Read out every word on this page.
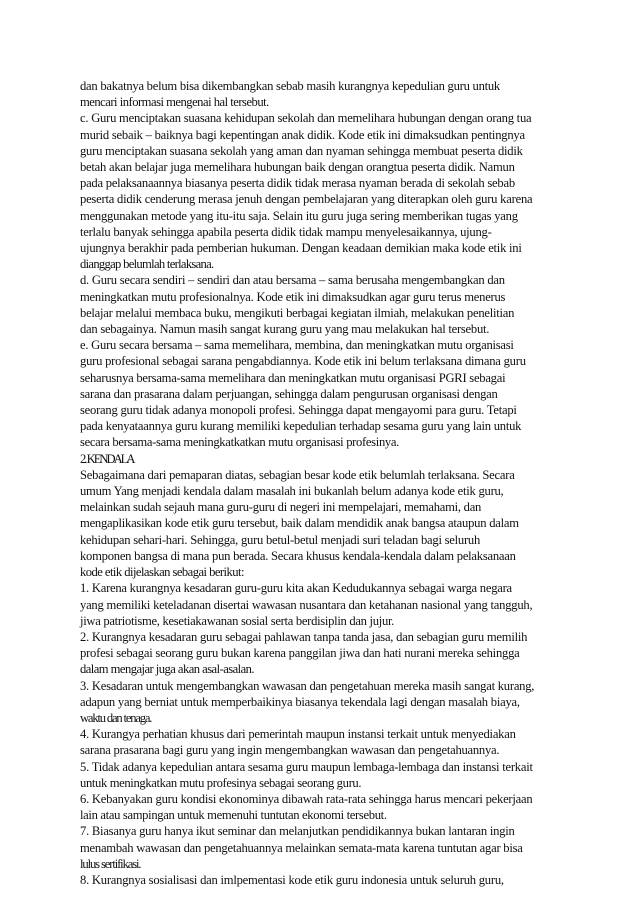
dan bakatnya belum bisa dikembangkan sebab masih kurangnya kepedulian guru untuk
mencari informasi mengenai hal tersebut.
c. Guru menciptakan suasana kehidupan sekolah dan memelihara hubungan dengan orang tua
murid sebaik – baiknya bagi kepentingan anak didik. Kode etik ini dimaksudkan pentingnya
guru menciptakan suasana sekolah yang aman dan nyaman sehingga membuat peserta didik
betah akan belajar juga memelihara hubungan baik dengan orangtua peserta didik. Namun
pada pelaksanaannya biasanya peserta didik tidak merasa nyaman berada di sekolah sebab
peserta didik cenderung merasa jenuh dengan pembelajaran yang diterapkan oleh guru karena
menggunakan metode yang itu-itu saja. Selain itu guru juga sering memberikan tugas yang
terlalu banyak sehingga apabila peserta didik tidak mampu menyelesaikannya, ujung-
ujungnya berakhir pada pemberian hukuman. Dengan keadaan demikian maka kode etik ini
dianggap belumlah terlaksana.
d. Guru secara sendiri – sendiri dan atau bersama – sama berusaha mengembangkan dan
meningkatkan mutu profesionalnya. Kode etik ini dimaksudkan agar guru terus menerus
belajar melalui membaca buku, mengikuti berbagai kegiatan ilmiah, melakukan penelitian
dan sebagainya. Namun masih sangat kurang guru yang mau melakukan hal tersebut.
e. Guru secara bersama – sama memelihara, membina, dan meningkatkan mutu organisasi
guru profesional sebagai sarana pengabdiannya. Kode etik ini belum terlaksana dimana guru
seharusnya bersama-sama memelihara dan meningkatkan mutu organisasi PGRI sebagai
sarana dan prasarana dalam perjuangan, sehingga dalam pengurusan organisasi dengan
seorang guru tidak adanya monopoli profesi. Sehingga dapat mengayomi para guru. Tetapi
pada kenyataannya guru kurang memiliki kepedulian terhadap sesama guru yang lain untuk
secara bersama-sama meningkatkatkan mutu organisasi profesinya.
2. KENDALA
Sebagaimana dari pemaparan diatas, sebagian besar kode etik belumlah terlaksana. Secara
umum Yang menjadi kendala dalam masalah ini bukanlah belum adanya kode etik guru,
melainkan sudah sejauh mana guru-guru di negeri ini mempelajari, memahami, dan
mengaplikasikan kode etik guru tersebut, baik dalam mendidik anak bangsa ataupun dalam
kehidupan sehari-hari. Sehingga, guru betul-betul menjadi suri teladan bagi seluruh
komponen bangsa di mana pun berada. Secara khusus kendala-kendala dalam pelaksanaan
kode etik dijelaskan sebagai berikut:
1. Karena kurangnya kesadaran guru-guru kita akan Kedudukannya sebagai warga negara
yang memiliki keteladanan disertai wawasan nusantara dan ketahanan nasional yang tangguh,
jiwa patriotisme, kesetiakawanan sosial serta berdisiplin dan jujur.
2. Kurangnya kesadaran guru sebagai pahlawan tanpa tanda jasa, dan sebagian guru memilih
profesi sebagai seorang guru bukan karena panggilan jiwa dan hati nurani mereka sehingga
dalam mengajar juga akan asal-asalan.
3. Kesadaran untuk mengembangkan wawasan dan pengetahuan mereka masih sangat kurang,
adapun yang berniat untuk memperbaikinya biasanya tekendala lagi dengan masalah biaya,
waktu dan tenaga.
4. Kurangya perhatian khusus dari pemerintah maupun instansi terkait untuk menyediakan
sarana prasarana bagi guru yang ingin mengembangkan wawasan dan pengetahuannya.
5. Tidak adanya kepedulian antara sesama guru maupun lembaga-lembaga dan instansi terkait
untuk meningkatkan mutu profesinya sebagai seorang guru.
6. Kebanyakan guru kondisi ekonominya dibawah rata-rata sehingga harus mencari pekerjaan
lain atau sampingan untuk memenuhi tuntutan ekonomi tersebut.
7. Biasanya guru hanya ikut seminar dan melanjutkan pendidikannya bukan lantaran ingin
menambah wawasan dan pengetahuannya melainkan semata-mata karena tuntutan agar bisa
lulus sertifikasi.
8. Kurangnya sosialisasi dan imlpementasi kode etik guru indonesia untuk seluruh guru,
